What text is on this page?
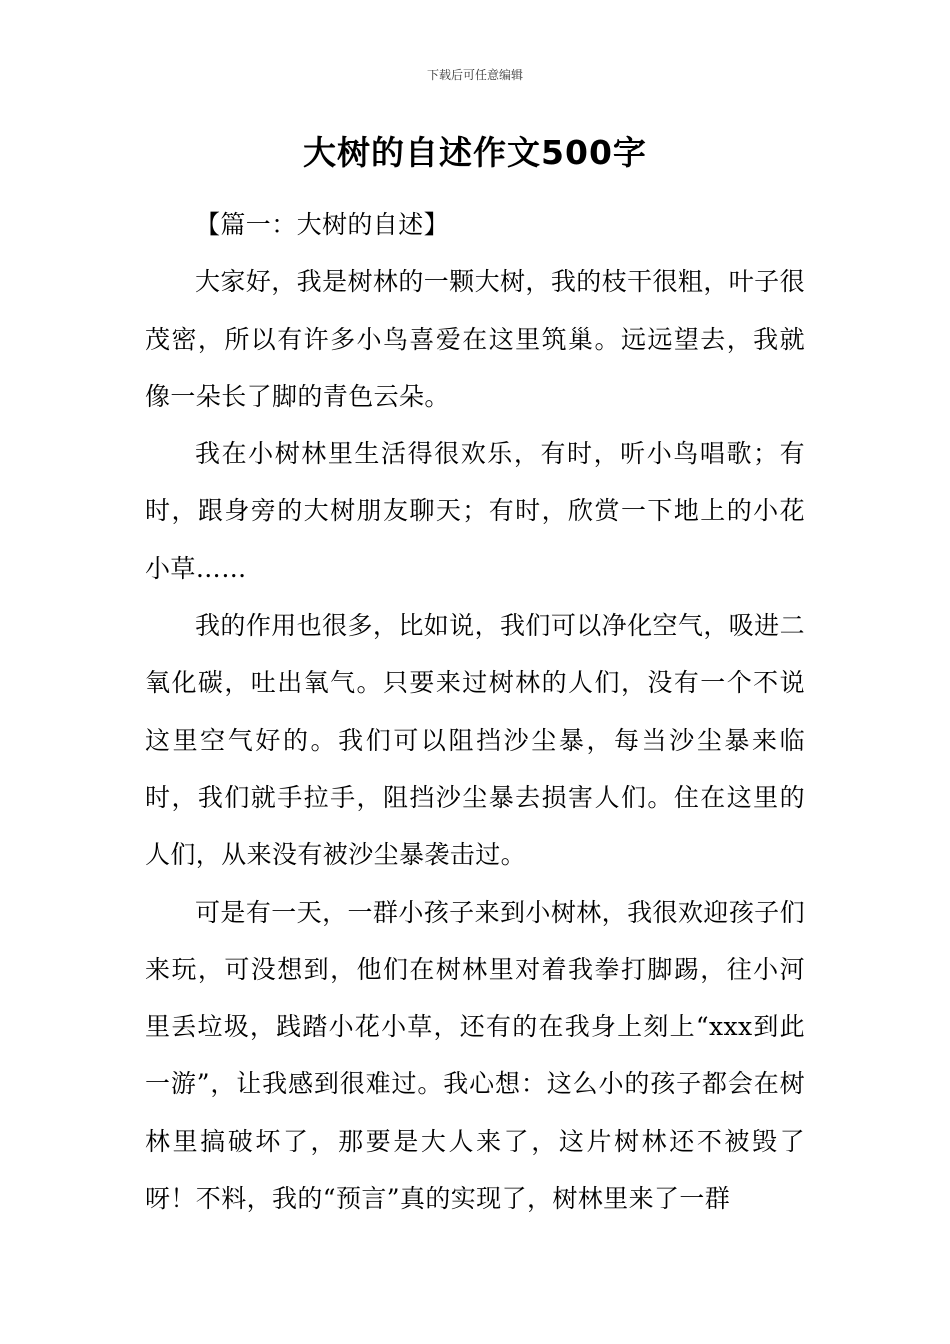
下载后可任意编辑
大树的自述作文500字

【篇一：大树的自述】

大家好，我是树林的一颗大树，我的枝干很粗，叶子很茂密，所以有许多小鸟喜爱在这里筑巢。远远望去，我就像一朵长了脚的青色云朵。

我在小树林里生活得很欢乐，有时，听小鸟唱歌；有时，跟身旁的大树朋友聊天；有时，欣赏一下地上的小花小草……

我的作用也很多，比如说，我们可以净化空气，吸进二氧化碳，吐出氧气。只要来过树林的人们，没有一个不说这里空气好的。我们可以阻挡沙尘暴，每当沙尘暴来临时，我们就手拉手，阻挡沙尘暴去损害人们。住在这里的人们，从来没有被沙尘暴袭击过。

可是有一天，一群小孩子来到小树林，我很欢迎孩子们来玩，可没想到，他们在树林里对着我拳打脚踢，往小河里丢垃圾，践踏小花小草，还有的在我身上刻上“xxx到此一游”，让我感到很难过。我心想：这么小的孩子都会在树林里搞破坏了，那要是大人来了，这片树林还不被毁了呀！不料，我的“预言”真的实现了，树林里来了一群
